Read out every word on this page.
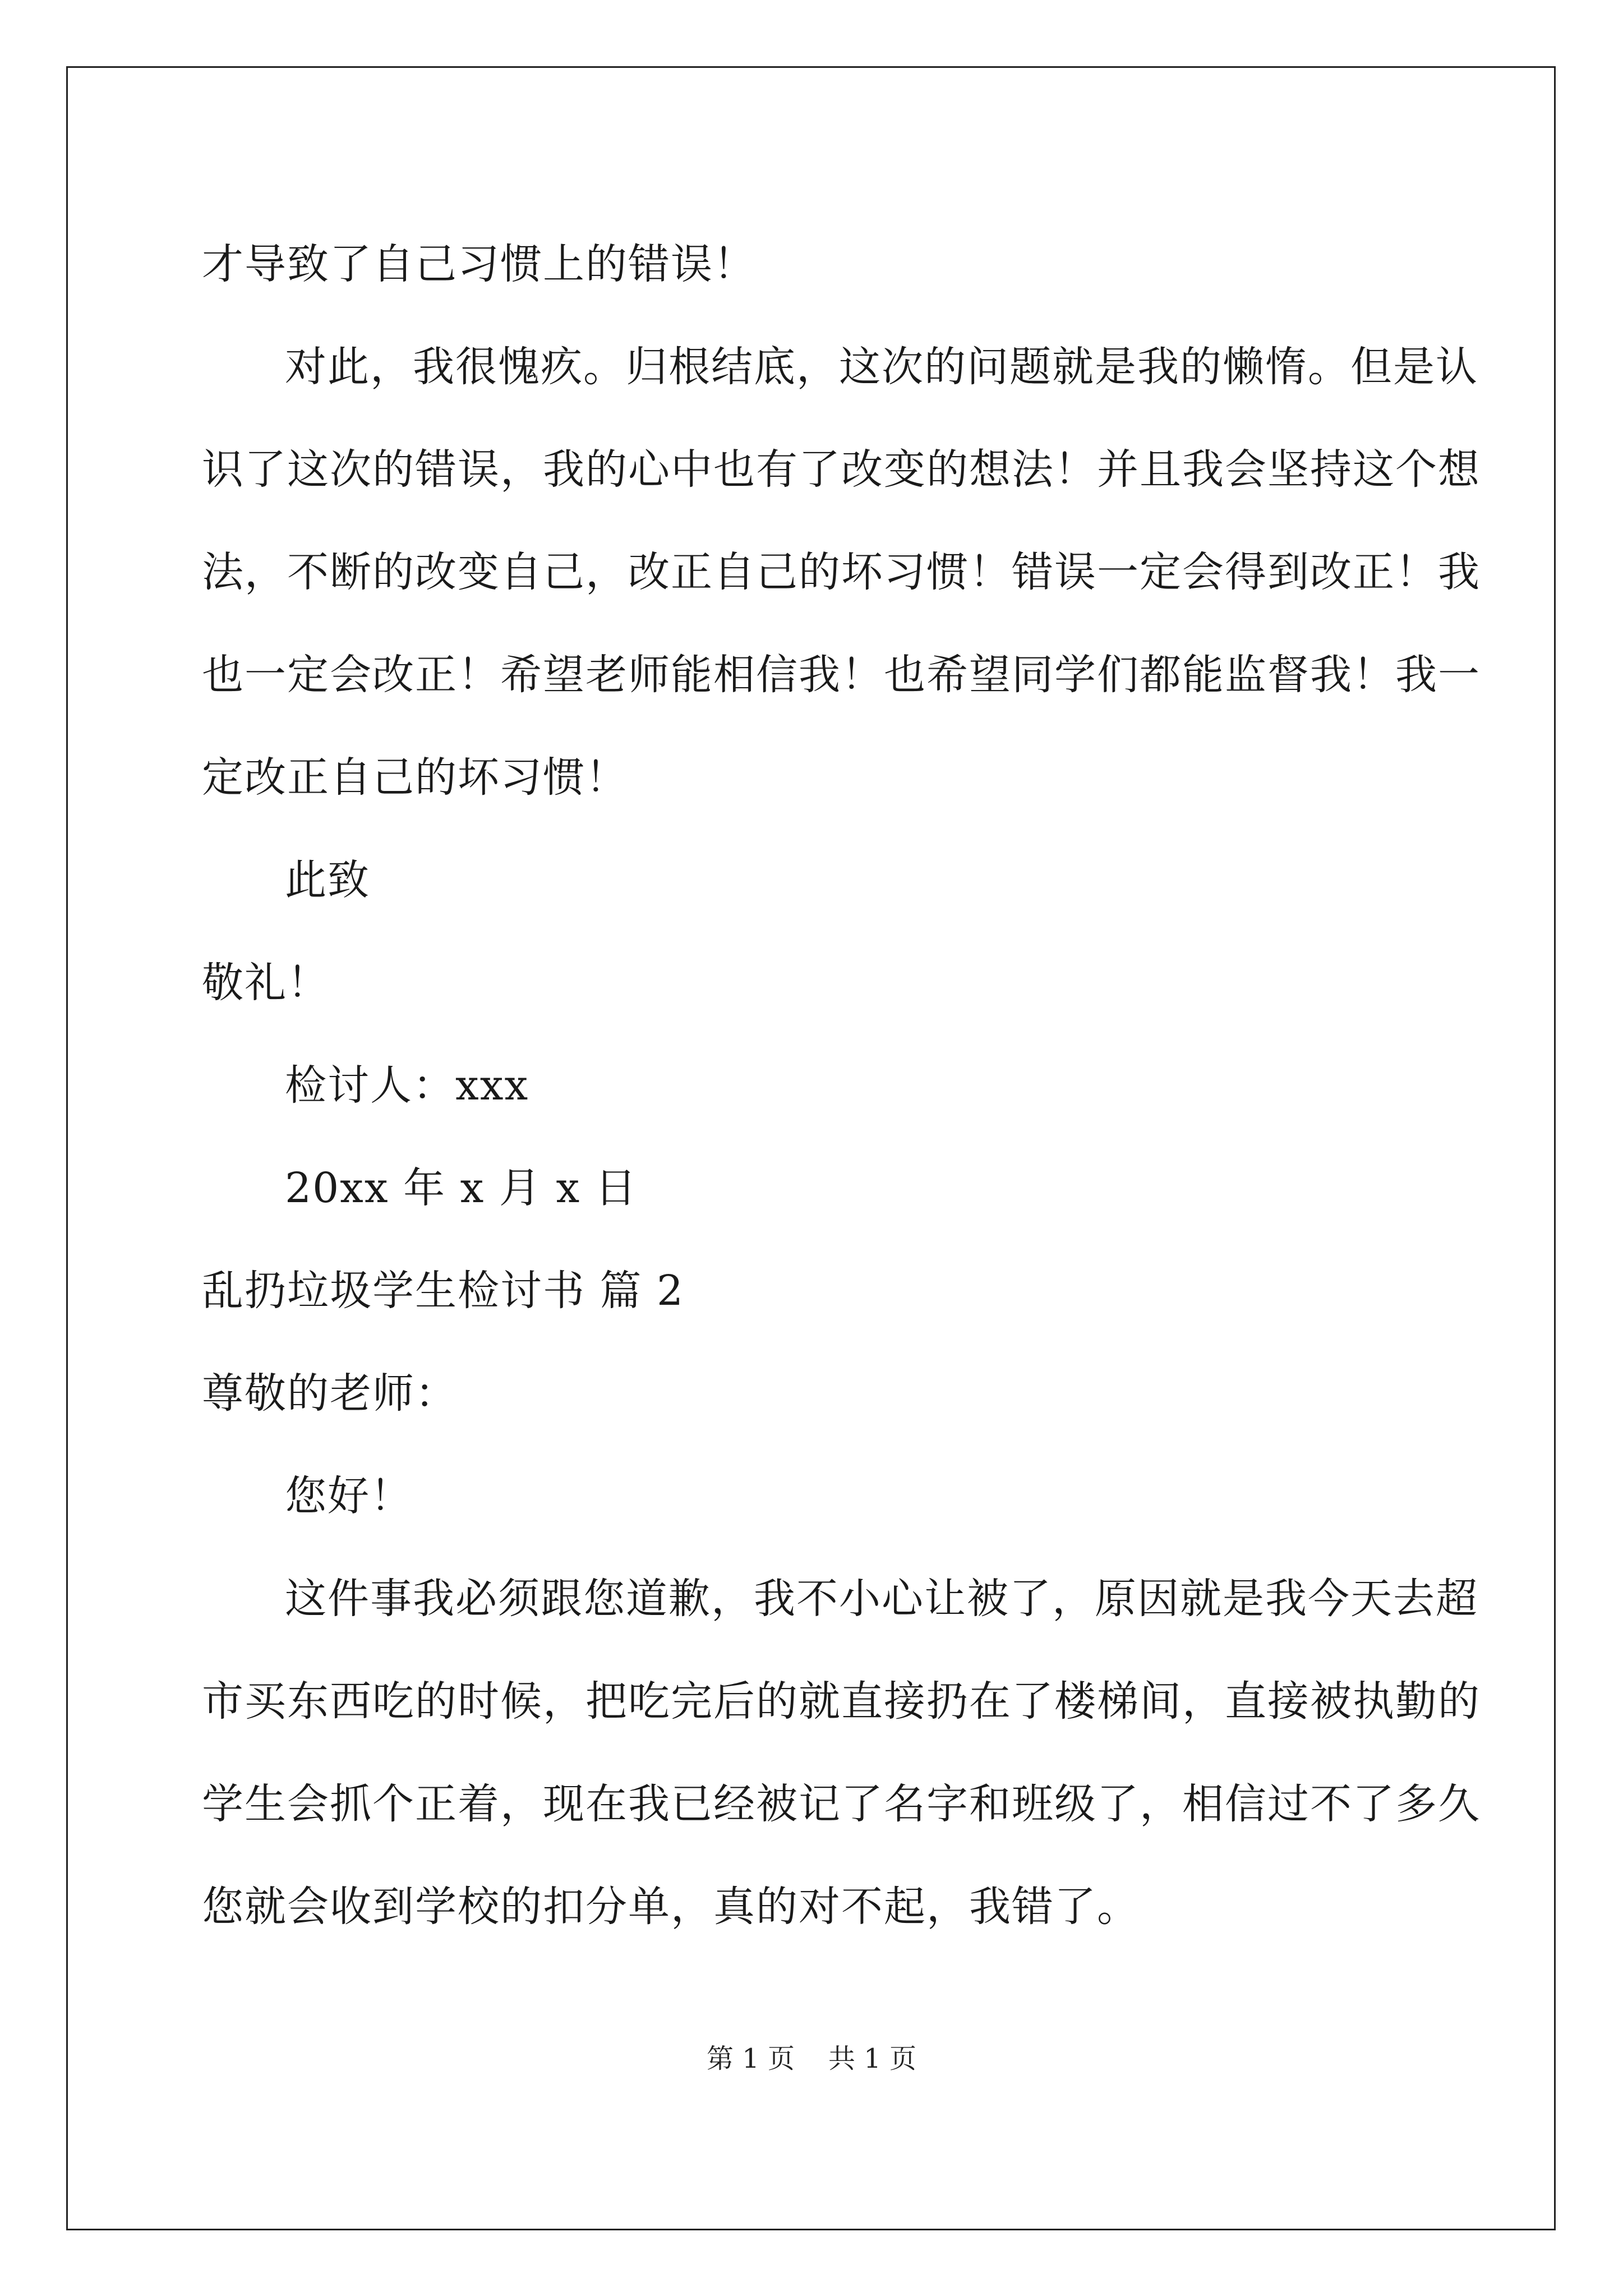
才导致了自己习惯上的错误！
对此，我很愧疚。归根结底，这次的问题就是我的懒惰。但是认
识了这次的错误，我的心中也有了改变的想法！并且我会坚持这个想
法，不断的改变自己，改正自己的坏习惯！错误一定会得到改正！我
也一定会改正！希望老师能相信我！也希望同学们都能监督我！我一
定改正自己的坏习惯！
此致
敬礼！
检讨人：xxx
20xx 年 x 月 x 日
乱扔垃圾学生检讨书 篇 2
尊敬的老师：
您好！
这件事我必须跟您道歉，我不小心让被了，原因就是我今天去超
市买东西吃的时候，把吃完后的就直接扔在了楼梯间，直接被执勤的
学生会抓个正着，现在我已经被记了名字和班级了，相信过不了多久
您就会收到学校的扣分单，真的对不起，我错了。
第 1 页 共 1 页
